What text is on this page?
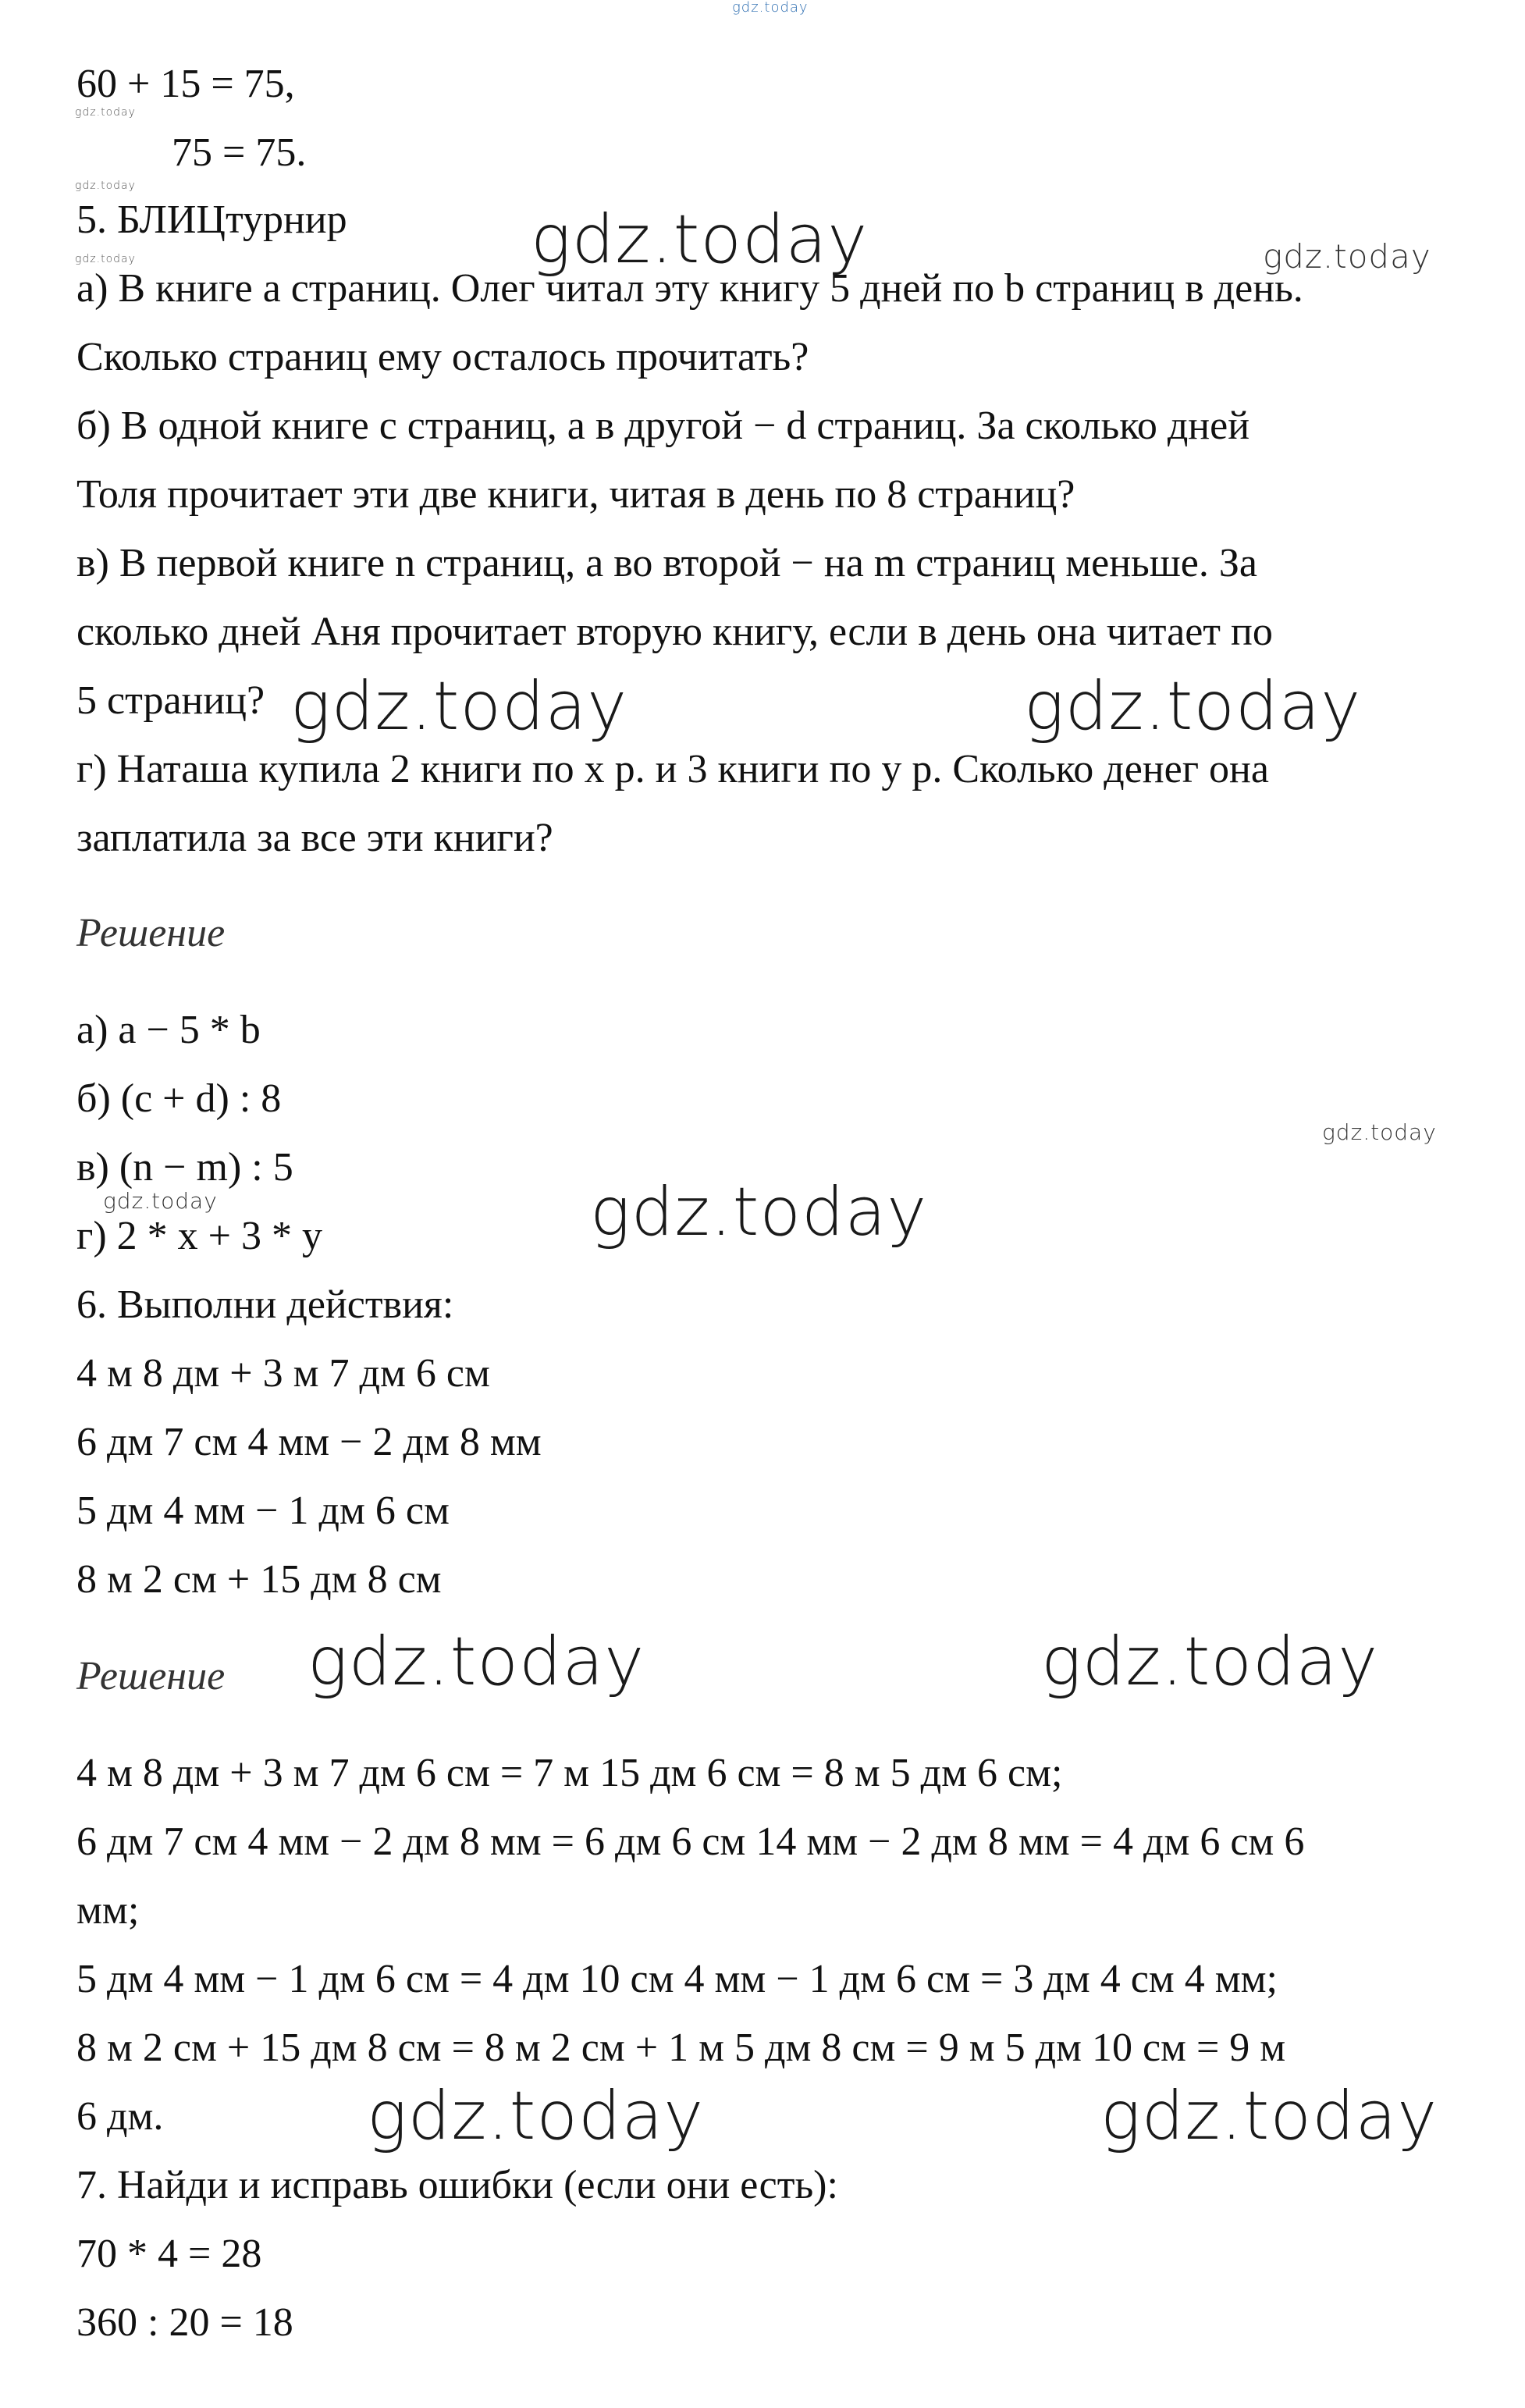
gdz.today
gdz.today
gdz.today
gdz.today	gdz.today	gdz.today
gdz.today	gdz.today
gdz.today
gdz.today	gdz.today
gdz.today	gdz.today
gdz.today	gdz.today
60 + 15 = 75,
75 = 75.
5. БЛИЦтурнир
а) В книге а страниц. Олег читал эту книгу 5 дней по b страниц в день.
Сколько страниц ему осталось прочитать?
б) В одной книге с страниц, а в другой − d страниц. За сколько дней
Толя прочитает эти две книги, читая в день по 8 страниц?
в) В первой книге n страниц, а во второй − на m страниц меньше. За
сколько дней Аня прочитает вторую книгу, если в день она читает по
5 страниц?
г) Наташа купила 2 книги по х р. и 3 книги по у р. Сколько денег она
заплатила за все эти книги?
Решение
а) a − 5 * b
б) (c + d) : 8
в) (n − m) : 5
г) 2 * x + 3 * y
6. Выполни действия:
4 м 8 дм + 3 м 7 дм 6 см
6 дм 7 см 4 мм − 2 дм 8 мм
5 дм 4 мм − 1 дм 6 см
8 м 2 см + 15 дм 8 см
Решение
4 м 8 дм + 3 м 7 дм 6 см = 7 м 15 дм 6 см = 8 м 5 дм 6 см;
6 дм 7 см 4 мм − 2 дм 8 мм = 6 дм 6 см 14 мм − 2 дм 8 мм = 4 дм 6 см 6
мм;
5 дм 4 мм − 1 дм 6 см = 4 дм 10 см 4 мм − 1 дм 6 см = 3 дм 4 см 4 мм;
8 м 2 см + 15 дм 8 см = 8 м 2 см + 1 м 5 дм 8 см = 9 м 5 дм 10 см = 9 м
6 дм.
7. Найди и исправь ошибки (если они есть):
70 * 4 = 28
360 : 20 = 18
